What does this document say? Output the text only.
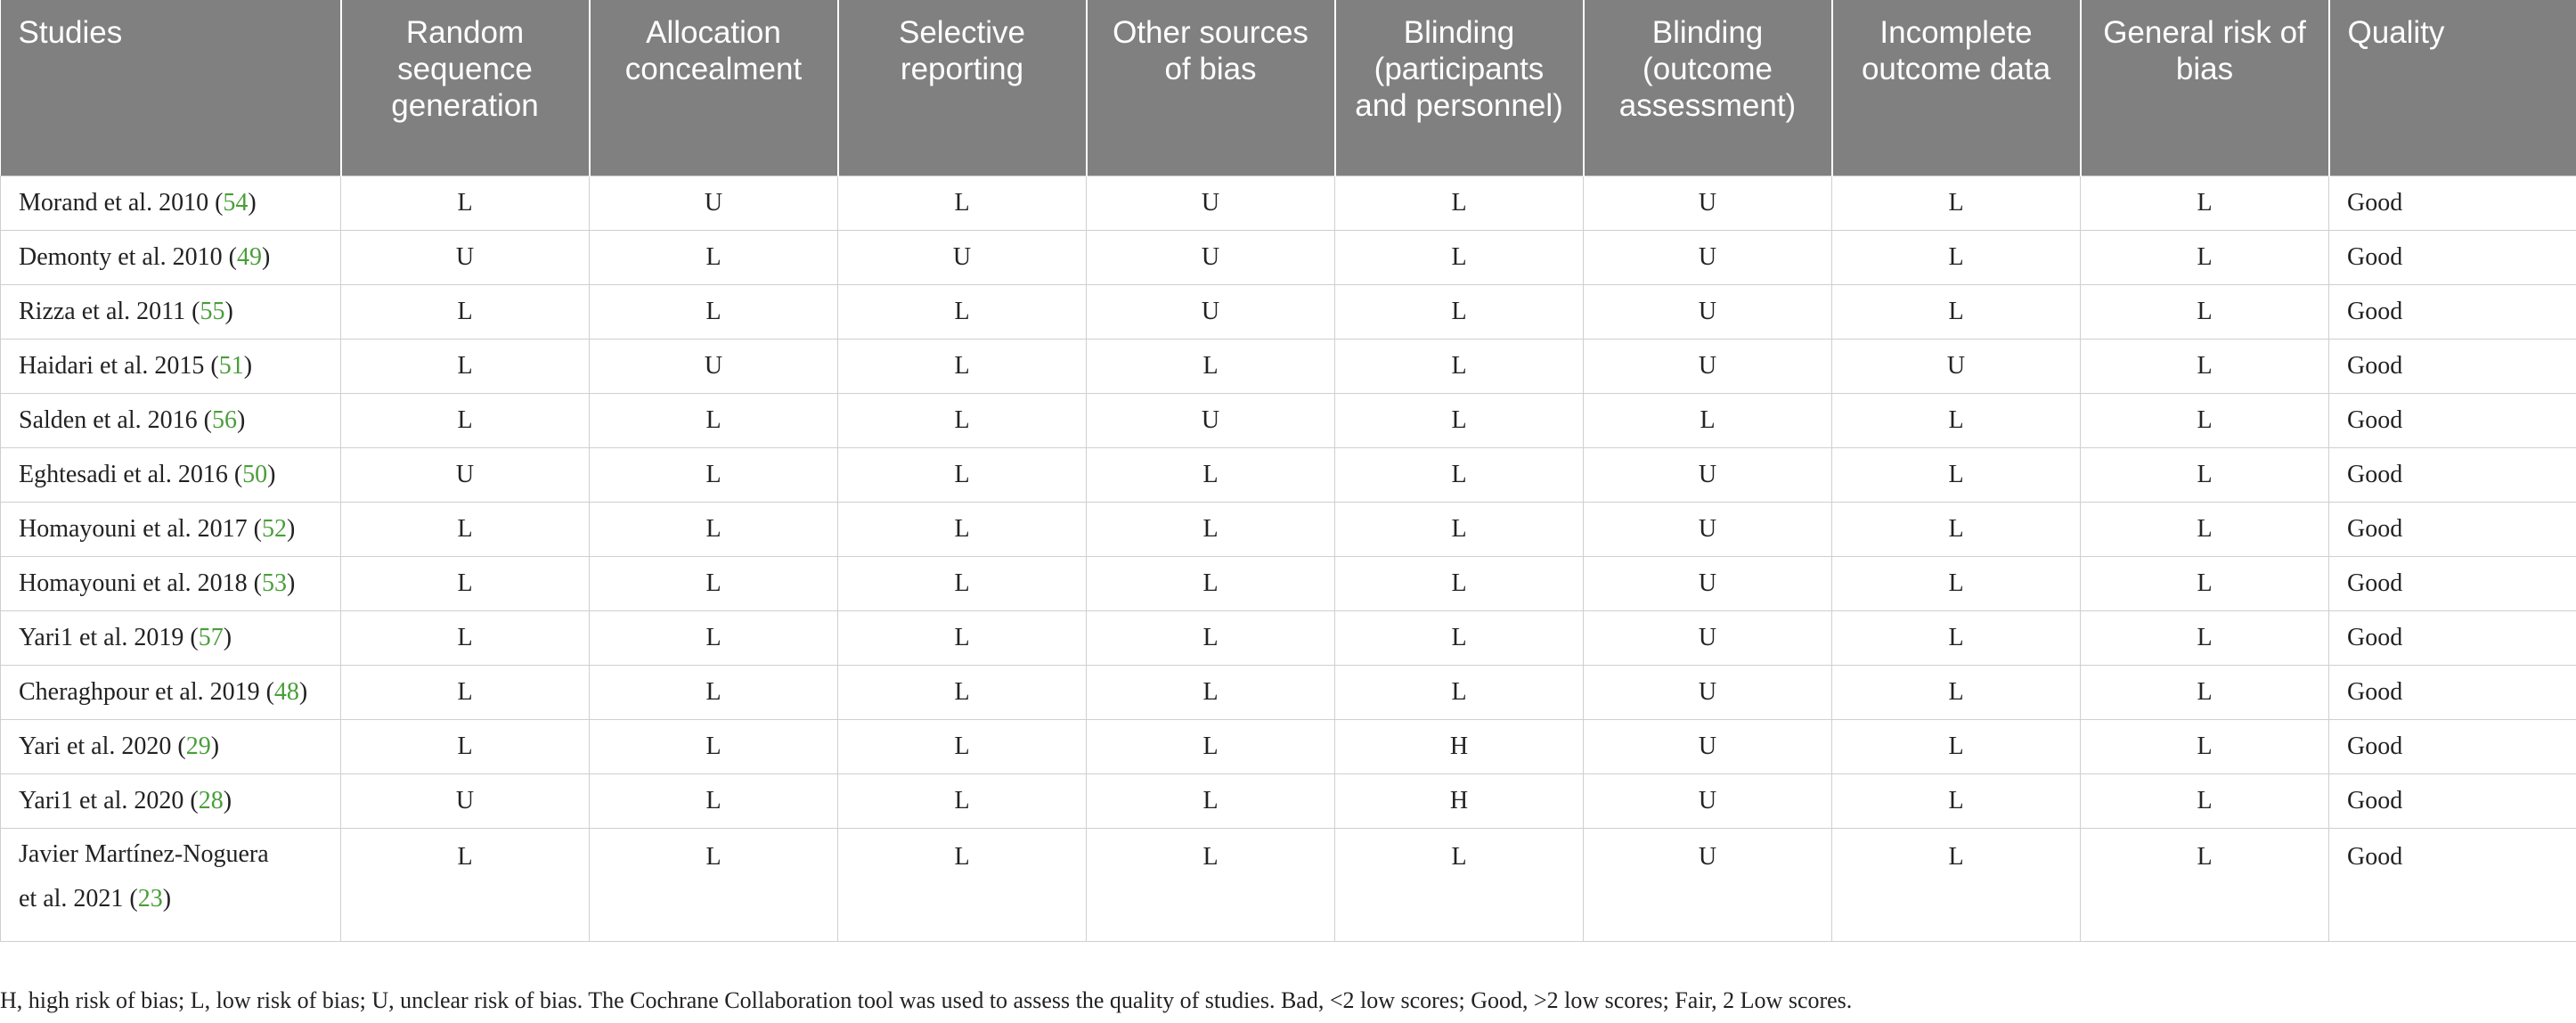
Studies	Random sequence generation	Allocation concealment	Selective reporting	Other sources of bias	Blinding (participants and personnel)	Blinding (outcome assessment)	Incomplete outcome data	General risk of bias	Quality
Morand et al. 2010 (54)	L	U	L	U	L	U	L	L	Good
Demonty et al. 2010 (49)	U	L	U	U	L	U	L	L	Good
Rizza et al. 2011 (55)	L	L	L	U	L	U	L	L	Good
Haidari et al. 2015 (51)	L	U	L	L	L	U	U	L	Good
Salden et al. 2016 (56)	L	L	L	U	L	L	L	L	Good
Eghtesadi et al. 2016 (50)	U	L	L	L	L	U	L	L	Good
Homayouni et al. 2017 (52)	L	L	L	L	L	U	L	L	Good
Homayouni et al. 2018 (53)	L	L	L	L	L	U	L	L	Good
Yari1 et al. 2019 (57)	L	L	L	L	L	U	L	L	Good
Cheraghpour et al. 2019 (48)	L	L	L	L	L	U	L	L	Good
Yari et al. 2020 (29)	L	L	L	L	H	U	L	L	Good
Yari1 et al. 2020 (28)	U	L	L	L	H	U	L	L	Good
Javier Martínez-Noguera
et al. 2021 (23)	L	L	L	L	L	U	L	L	Good
H, high risk of bias; L, low risk of bias; U, unclear risk of bias. The Cochrane Collaboration tool was used to assess the quality of studies. Bad, <2 low scores; Good, >2 low scores; Fair, 2 Low scores.
